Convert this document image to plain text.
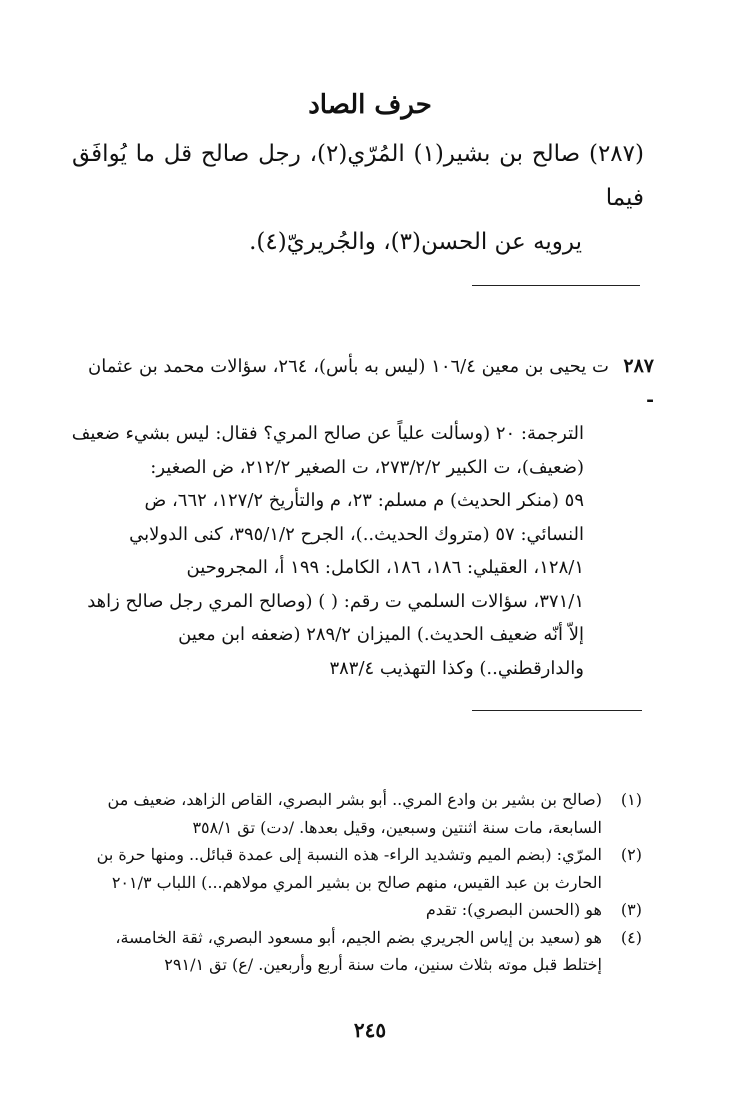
حرف الصاد
(٢٨٧) صالح بن بشير(١) المُرّي(٢)، رجل صالح قل ما يُوافَق فيما
يرويه عن الحسن(٣)، والجُريريّ(٤).
٢٨٧ -
ت يحيى بن معين ١٠٦/٤ (ليس به بأس)، ٢٦٤، سؤالات محمد بن عثمان
الترجمة: ٢٠ (وسألت علياً عن صالح المري؟ فقال: ليس بشيء ضعيف
(ضعيف)، ت الكبير ٢٧٣/٢/٢، ت الصغير ٢١٢/٢، ض الصغير:
٥٩ (منكر الحديث) م مسلم: ٢٣، م والتأريخ ١٢٧/٢، ٦٦٢، ض
النسائي: ٥٧ (متروك الحديث..)، الجرح ٣٩٥/١/٢، كنى الدولابي
١٢٨/١، العقيلي: ١٨٦، ١٨٦، الكامل: ١٩٩ أ، المجروحين
٣٧١/١، سؤالات السلمي ت رقم: ( ) (وصالح المري رجل صالح زاهد
إلاّ أنّه ضعيف الحديث.) الميزان ٢٨٩/٢ (ضعفه ابن معين
والدارقطني..) وكذا التهذيب ٣٨٣/٤
(١)
(صالح بن بشير بن وادع المري.. أبو بشر البصري، القاص الزاهد، ضعيف من
السابعة، مات سنة اثنتين وسبعين، وقيل بعدها. /دت) تق ٣٥٨/١
(٢)
المرّي: (بضم الميم وتشديد الراء- هذه النسبة إلى عمدة قبائل.. ومنها حرة بن
الحارث بن عبد القيس، منهم صالح بن بشير المري مولاهم...) اللباب ٢٠١/٣
(٣)
هو (الحسن البصري): تقدم
(٤)
هو (سعيد بن إياس الجريري بضم الجيم، أبو مسعود البصري، ثقة الخامسة،
إختلط قبل موته بثلاث سنين، مات سنة أربع وأربعين. /ع) تق ٢٩١/١
٢٤٥
